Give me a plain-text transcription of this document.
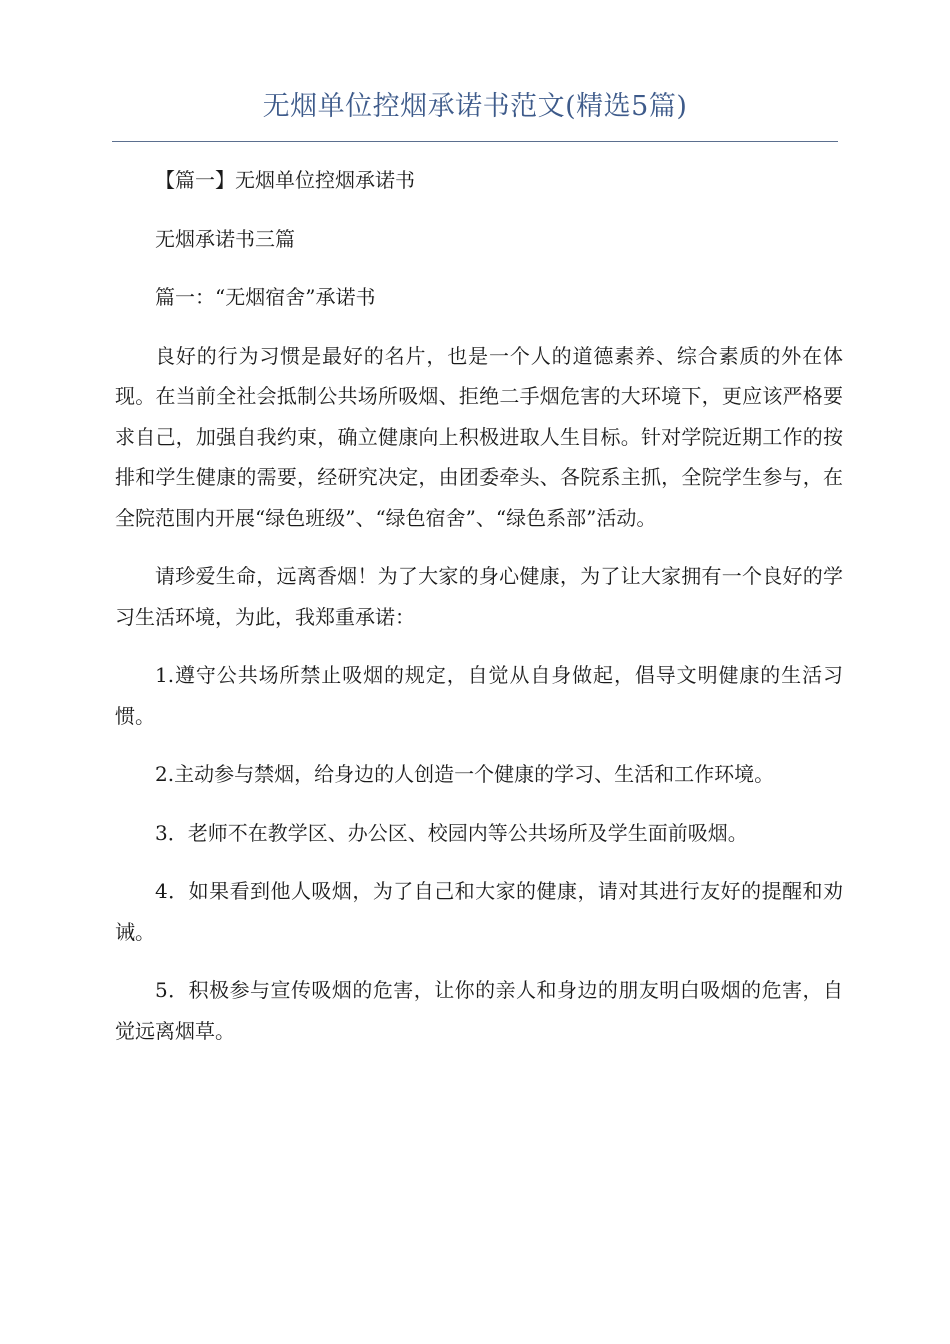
无烟单位控烟承诺书范文(精选5篇)

【篇一】无烟单位控烟承诺书

无烟承诺书三篇

篇一：“无烟宿舍”承诺书

良好的行为习惯是最好的名片，也是一个人的道德素养、综合素质的外在体现。在当前全社会抵制公共场所吸烟、拒绝二手烟危害的大环境下，更应该严格要求自己，加强自我约束，确立健康向上积极进取人生目标。针对学院近期工作的按排和学生健康的需要，经研究决定，由团委牵头、各院系主抓，全院学生参与，在全院范围内开展“绿色班级”、“绿色宿舍”、“绿色系部”活动。

请珍爱生命，远离香烟！为了大家的身心健康，为了让大家拥有一个良好的学习生活环境，为此，我郑重承诺：

1.遵守公共场所禁止吸烟的规定，自觉从自身做起，倡导文明健康的生活习惯。

2.主动参与禁烟，给身边的人创造一个健康的学习、生活和工作环境。

3．老师不在教学区、办公区、校园内等公共场所及学生面前吸烟。

4．如果看到他人吸烟，为了自己和大家的健康，请对其进行友好的提醒和劝诫。

5．积极参与宣传吸烟的危害，让你的亲人和身边的朋友明白吸烟的危害，自觉远离烟草。
